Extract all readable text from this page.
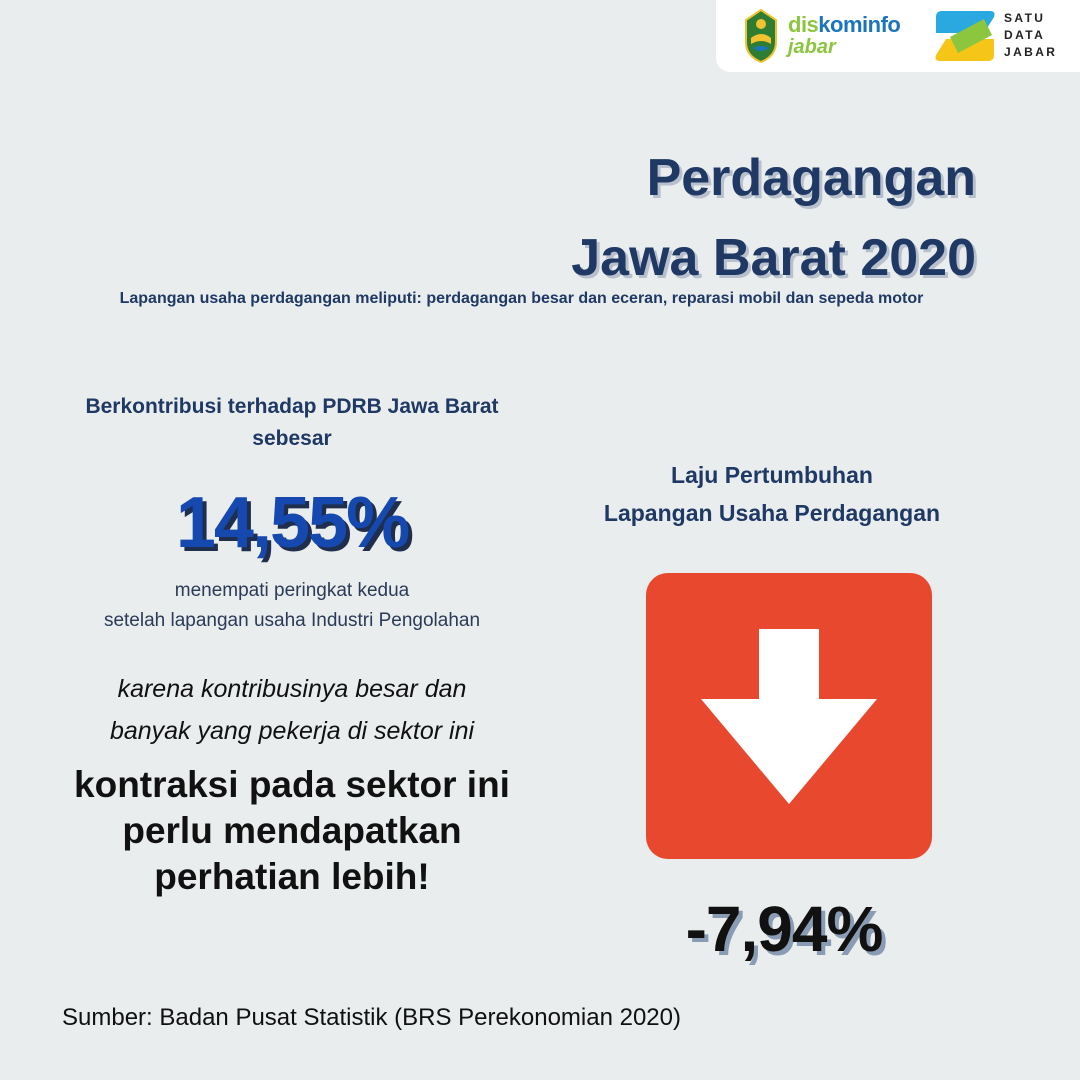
diskominfo
jabar
SATU
DATA
JABAR
Perdagangan
Jawa Barat 2020
Lapangan usaha perdagangan meliputi: perdagangan besar dan eceran, reparasi mobil dan sepeda motor
Berkontribusi terhadap PDRB Jawa Barat sebesar
14,55%
menempati peringkat kedua
setelah lapangan usaha Industri Pengolahan
karena kontribusinya besar dan
banyak yang pekerja di sektor ini
kontraksi pada sektor ini
perlu mendapatkan
perhatian lebih!
Laju Pertumbuhan
Lapangan Usaha Perdagangan
-7,94%
Sumber: Badan Pusat Statistik (BRS Perekonomian 2020)
